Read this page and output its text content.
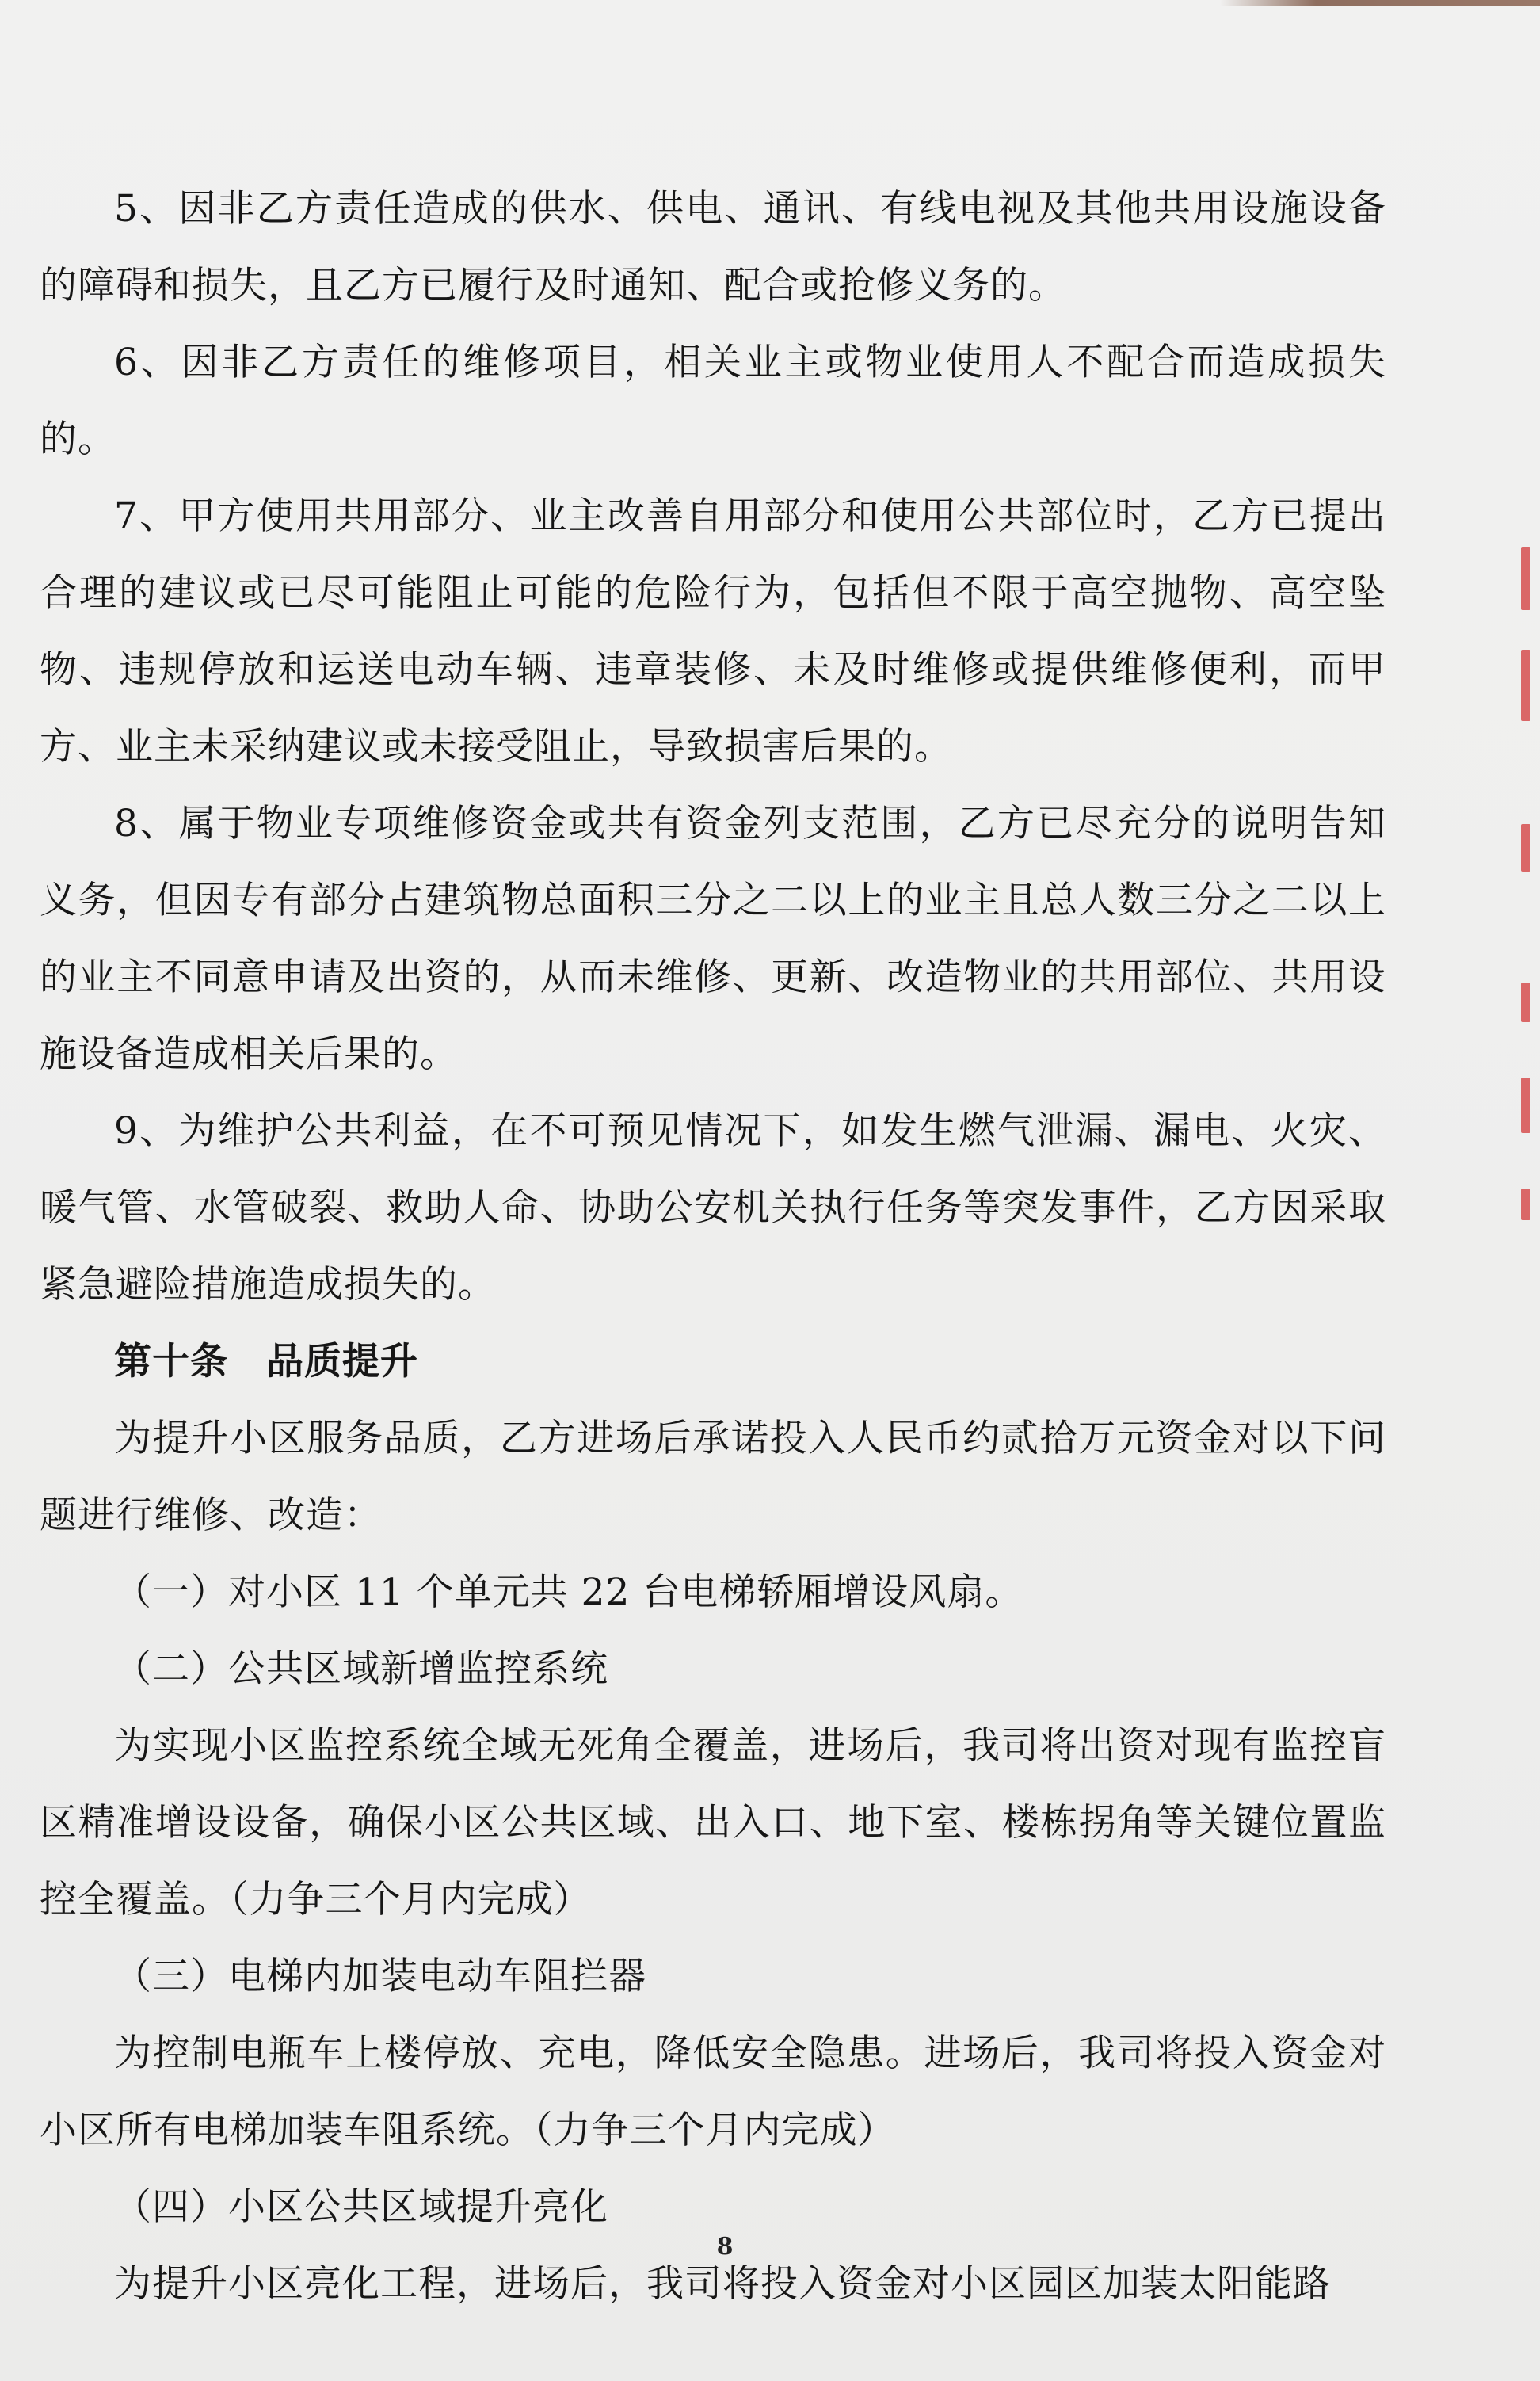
5、因非乙方责任造成的供水、供电、通讯、有线电视及其他共用设施设备的障碍和损失，且乙方已履行及时通知、配合或抢修义务的。

6、因非乙方责任的维修项目，相关业主或物业使用人不配合而造成损失的。

7、甲方使用共用部分、业主改善自用部分和使用公共部位时，乙方已提出合理的建议或已尽可能阻止可能的危险行为，包括但不限于高空抛物、高空坠物、违规停放和运送电动车辆、违章装修、未及时维修或提供维修便利，而甲方、业主未采纳建议或未接受阻止，导致损害后果的。

8、属于物业专项维修资金或共有资金列支范围，乙方已尽充分的说明告知义务，但因专有部分占建筑物总面积三分之二以上的业主且总人数三分之二以上的业主不同意申请及出资的，从而未维修、更新、改造物业的共用部位、共用设施设备造成相关后果的。

9、为维护公共利益，在不可预见情况下，如发生燃气泄漏、漏电、火灾、暖气管、水管破裂、救助人命、协助公安机关执行任务等突发事件，乙方因采取紧急避险措施造成损失的。

第十条　品质提升

为提升小区服务品质，乙方进场后承诺投入人民币约贰拾万元资金对以下问题进行维修、改造：

（一）对小区 11 个单元共 22 台电梯轿厢增设风扇。

（二）公共区域新增监控系统

为实现小区监控系统全域无死角全覆盖，进场后，我司将出资对现有监控盲区精准增设设备，确保小区公共区域、出入口、地下室、楼栋拐角等关键位置监控全覆盖。（力争三个月内完成）

（三）电梯内加装电动车阻拦器

为控制电瓶车上楼停放、充电，降低安全隐患。进场后，我司将投入资金对小区所有电梯加装车阻系统。（力争三个月内完成）

（四）小区公共区域提升亮化

为提升小区亮化工程，进场后，我司将投入资金对小区园区加装太阳能路

8
